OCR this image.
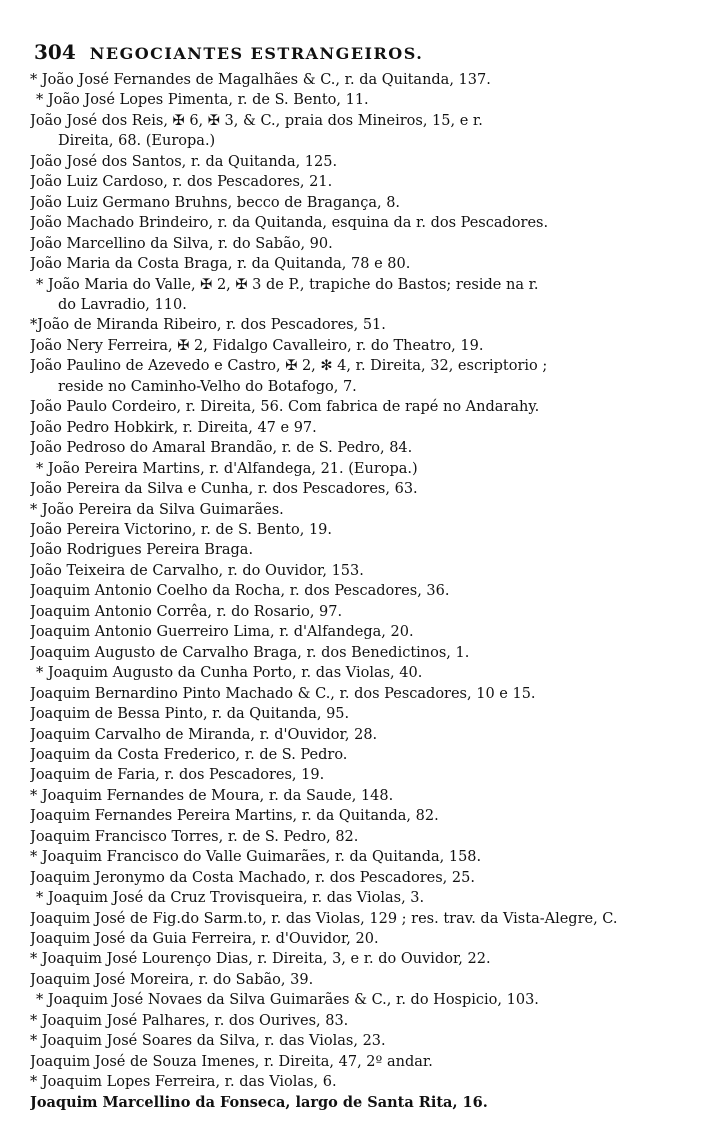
304 NEGOCIANTES ESTRANGEIROS.
* João José Fernandes de Magalhães & C., r. da Quitanda, 137.
* João José Lopes Pimenta, r. de S. Bento, 11.
João José dos Reis, ✠ 6, ✠ 3, & C., praia dos Mineiros, 15, e r.
Direita, 68. (Europa.)
João José dos Santos, r. da Quitanda, 125.
João Luiz Cardoso, r. dos Pescadores, 21.
João Luiz Germano Bruhns, becco de Bragança, 8.
João Machado Brindeiro, r. da Quitanda, esquina da r. dos Pescadores.
João Marcellino da Silva, r. do Sabão, 90.
João Maria da Costa Braga, r. da Quitanda, 78 e 80.
* João Maria do Valle, ✠ 2, ✠ 3 de P., trapiche do Bastos; reside na r.
do Lavradio, 110.
*João de Miranda Ribeiro, r. dos Pescadores, 51.
João Nery Ferreira, ✠ 2, Fidalgo Cavalleiro, r. do Theatro, 19.
João Paulino de Azevedo e Castro, ✠ 2, ✻ 4, r. Direita, 32, escriptorio ;
reside no Caminho-Velho do Botafogo, 7.
João Paulo Cordeiro, r. Direita, 56. Com fabrica de rapé no Andarahy.
João Pedro Hobkirk, r. Direita, 47 e 97.
João Pedroso do Amaral Brandão, r. de S. Pedro, 84.
* João Pereira Martins, r. d'Alfandega, 21. (Europa.)
João Pereira da Silva e Cunha, r. dos Pescadores, 63.
* João Pereira da Silva Guimarães.
João Pereira Victorino, r. de S. Bento, 19.
João Rodrigues Pereira Braga.
João Teixeira de Carvalho, r. do Ouvidor, 153.
Joaquim Antonio Coelho da Rocha, r. dos Pescadores, 36.
Joaquim Antonio Corrêa, r. do Rosario, 97.
Joaquim Antonio Guerreiro Lima, r. d'Alfandega, 20.
Joaquim Augusto de Carvalho Braga, r. dos Benedictinos, 1.
* Joaquim Augusto da Cunha Porto, r. das Violas, 40.
Joaquim Bernardino Pinto Machado & C., r. dos Pescadores, 10 e 15.
Joaquim de Bessa Pinto, r. da Quitanda, 95.
Joaquim Carvalho de Miranda, r. d'Ouvidor, 28.
Joaquim da Costa Frederico, r. de S. Pedro.
Joaquim de Faria, r. dos Pescadores, 19.
* Joaquim Fernandes de Moura, r. da Saude, 148.
Joaquim Fernandes Pereira Martins, r. da Quitanda, 82.
Joaquim Francisco Torres, r. de S. Pedro, 82.
* Joaquim Francisco do Valle Guimarães, r. da Quitanda, 158.
Joaquim Jeronymo da Costa Machado, r. dos Pescadores, 25.
* Joaquim José da Cruz Trovisqueira, r. das Violas, 3.
Joaquim José de Fig.do Sarm.to, r. das Violas, 129 ; res. trav. da Vista-Alegre, C.
Joaquim José da Guia Ferreira, r. d'Ouvidor, 20.
* Joaquim José Lourenço Dias, r. Direita, 3, e r. do Ouvidor, 22.
Joaquim José Moreira, r. do Sabão, 39.
* Joaquim José Novaes da Silva Guimarães & C., r. do Hospicio, 103.
* Joaquim José Palhares, r. dos Ourives, 83.
* Joaquim José Soares da Silva, r. das Violas, 23.
Joaquim José de Souza Imenes, r. Direita, 47, 2º andar.
* Joaquim Lopes Ferreira, r. das Violas, 6.
Joaquim Marcellino da Fonseca, largo de Santa Rita, 16.
